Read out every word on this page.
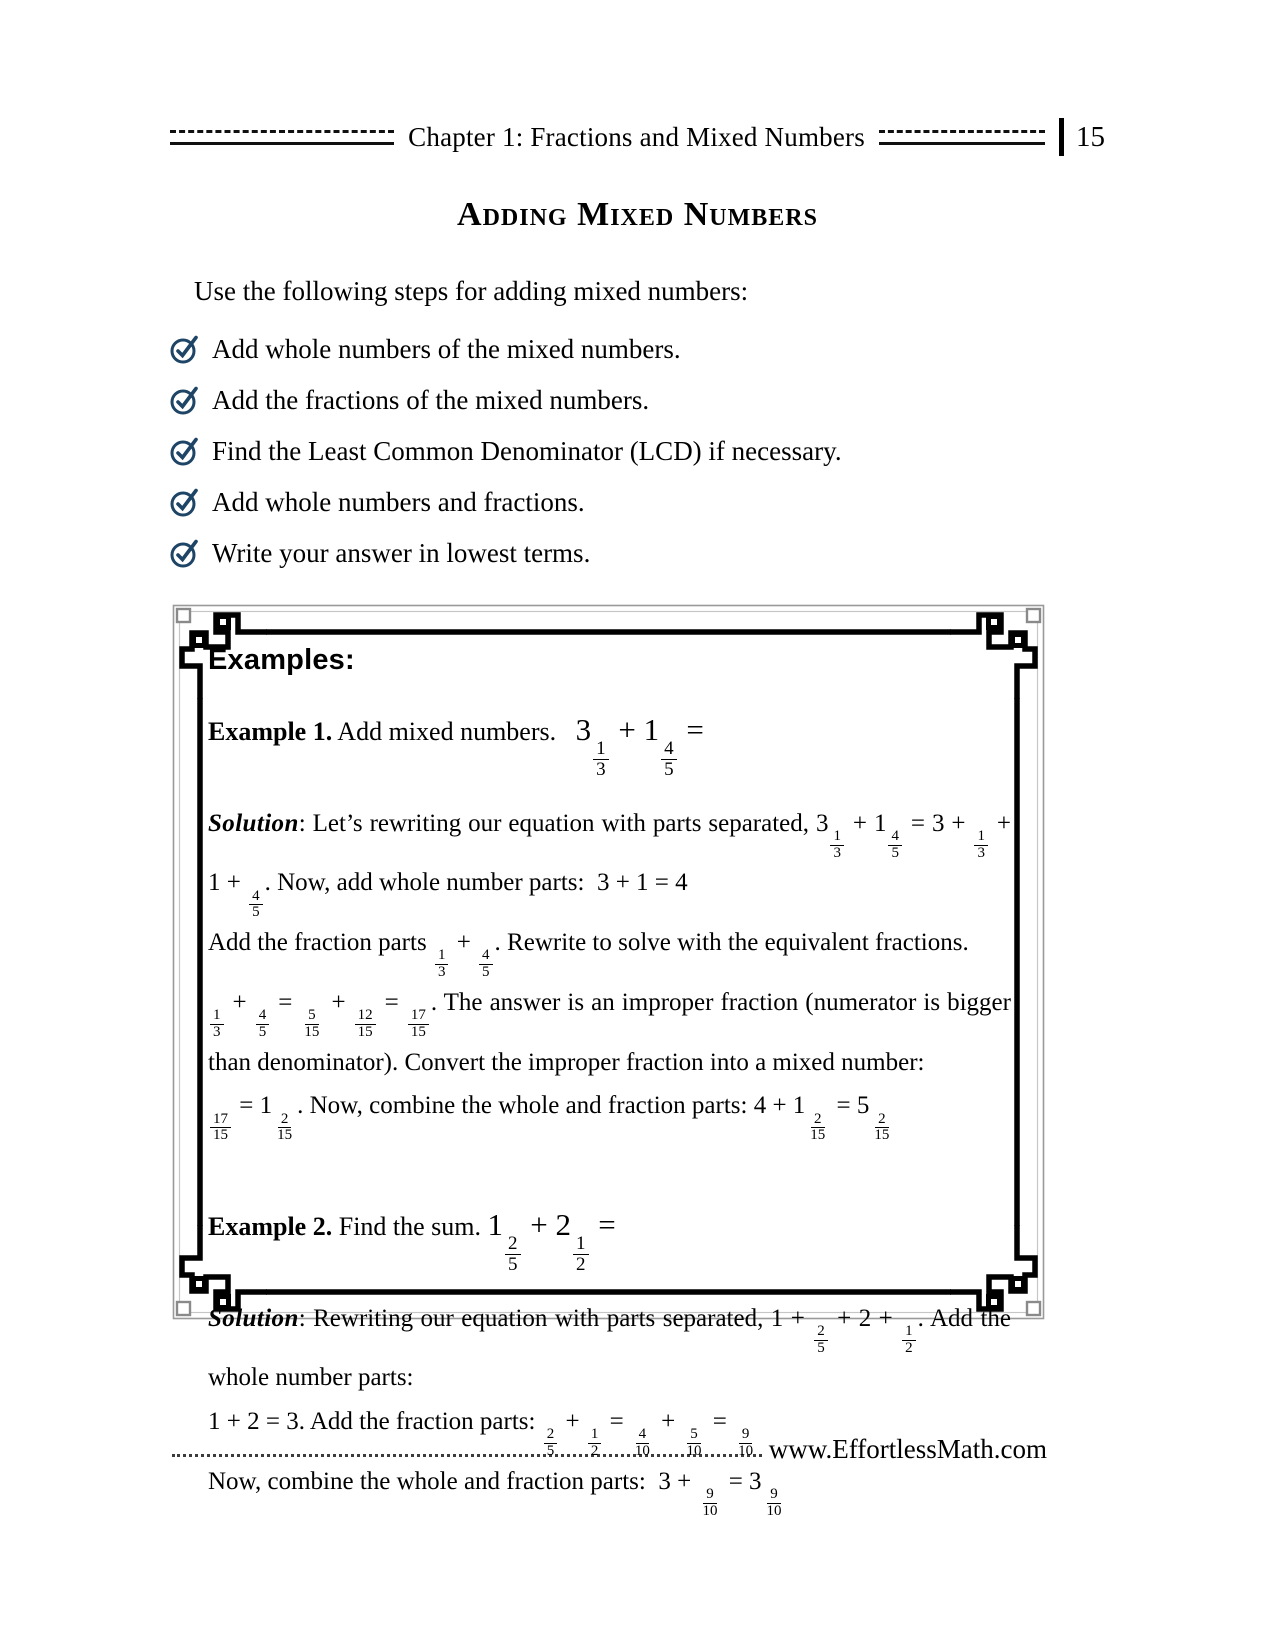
Chapter 1: Fractions and Mixed Numbers	15
Adding Mixed Numbers

Use the following steps for adding mixed numbers:

Add whole numbers of the mixed numbers.
Add the fractions of the mixed numbers.
Find the Least Common Denominator (LCD) if necessary.
Add whole numbers and fractions.
Write your answer in lowest terms.
Examples:

Example 1. Add mixed numbers.   3
$\frac{1}{3}$
+ 1
$\frac{4}{5}$
=

Solution: Let’s rewriting our equation with parts separated, 3
$\frac{1}{3}$
+ 1
$\frac{4}{5}$
= 3 +
$\frac{1}{3}$
+ 1 +
$\frac{4}{5}$
. Now, add whole number parts:  3 + 1 = 4
Add the fraction parts
$\frac{1}{3}$
+
$\frac{4}{5}$
. Rewrite to solve with the equivalent fractions.

$\frac{1}{3}$
+
$\frac{4}{5}$
=
$\frac{5}{15}$
+
$\frac{12}{15}$
=
$\frac{17}{15}$
. The answer is an improper fraction (numerator is bigger than denominator). Convert the improper fraction into a mixed number:

$\frac{17}{15}$
= 1
$\frac{2}{15}$
. Now, combine the whole and fraction parts: 4 + 1
$\frac{2}{15}$
= 5
$\frac{2}{15}$

Example 2. Find the sum. 1
$\frac{2}{5}$
+ 2
$\frac{1}{2}$
=

Solution: Rewriting our equation with parts separated, 1 +
$\frac{2}{5}$
+ 2 +
$\frac{1}{2}$
. Add the whole number parts:
1 + 2 = 3. Add the fraction parts:
$\frac{2}{5}$
+
$\frac{1}{2}$
=
$\frac{4}{10}$
+
$\frac{5}{10}$
=
$\frac{9}{10}$

Now, combine the whole and fraction parts:  3 +
$\frac{9}{10}$
= 3
$\frac{9}{10}$

www.EffortlessMath.com
